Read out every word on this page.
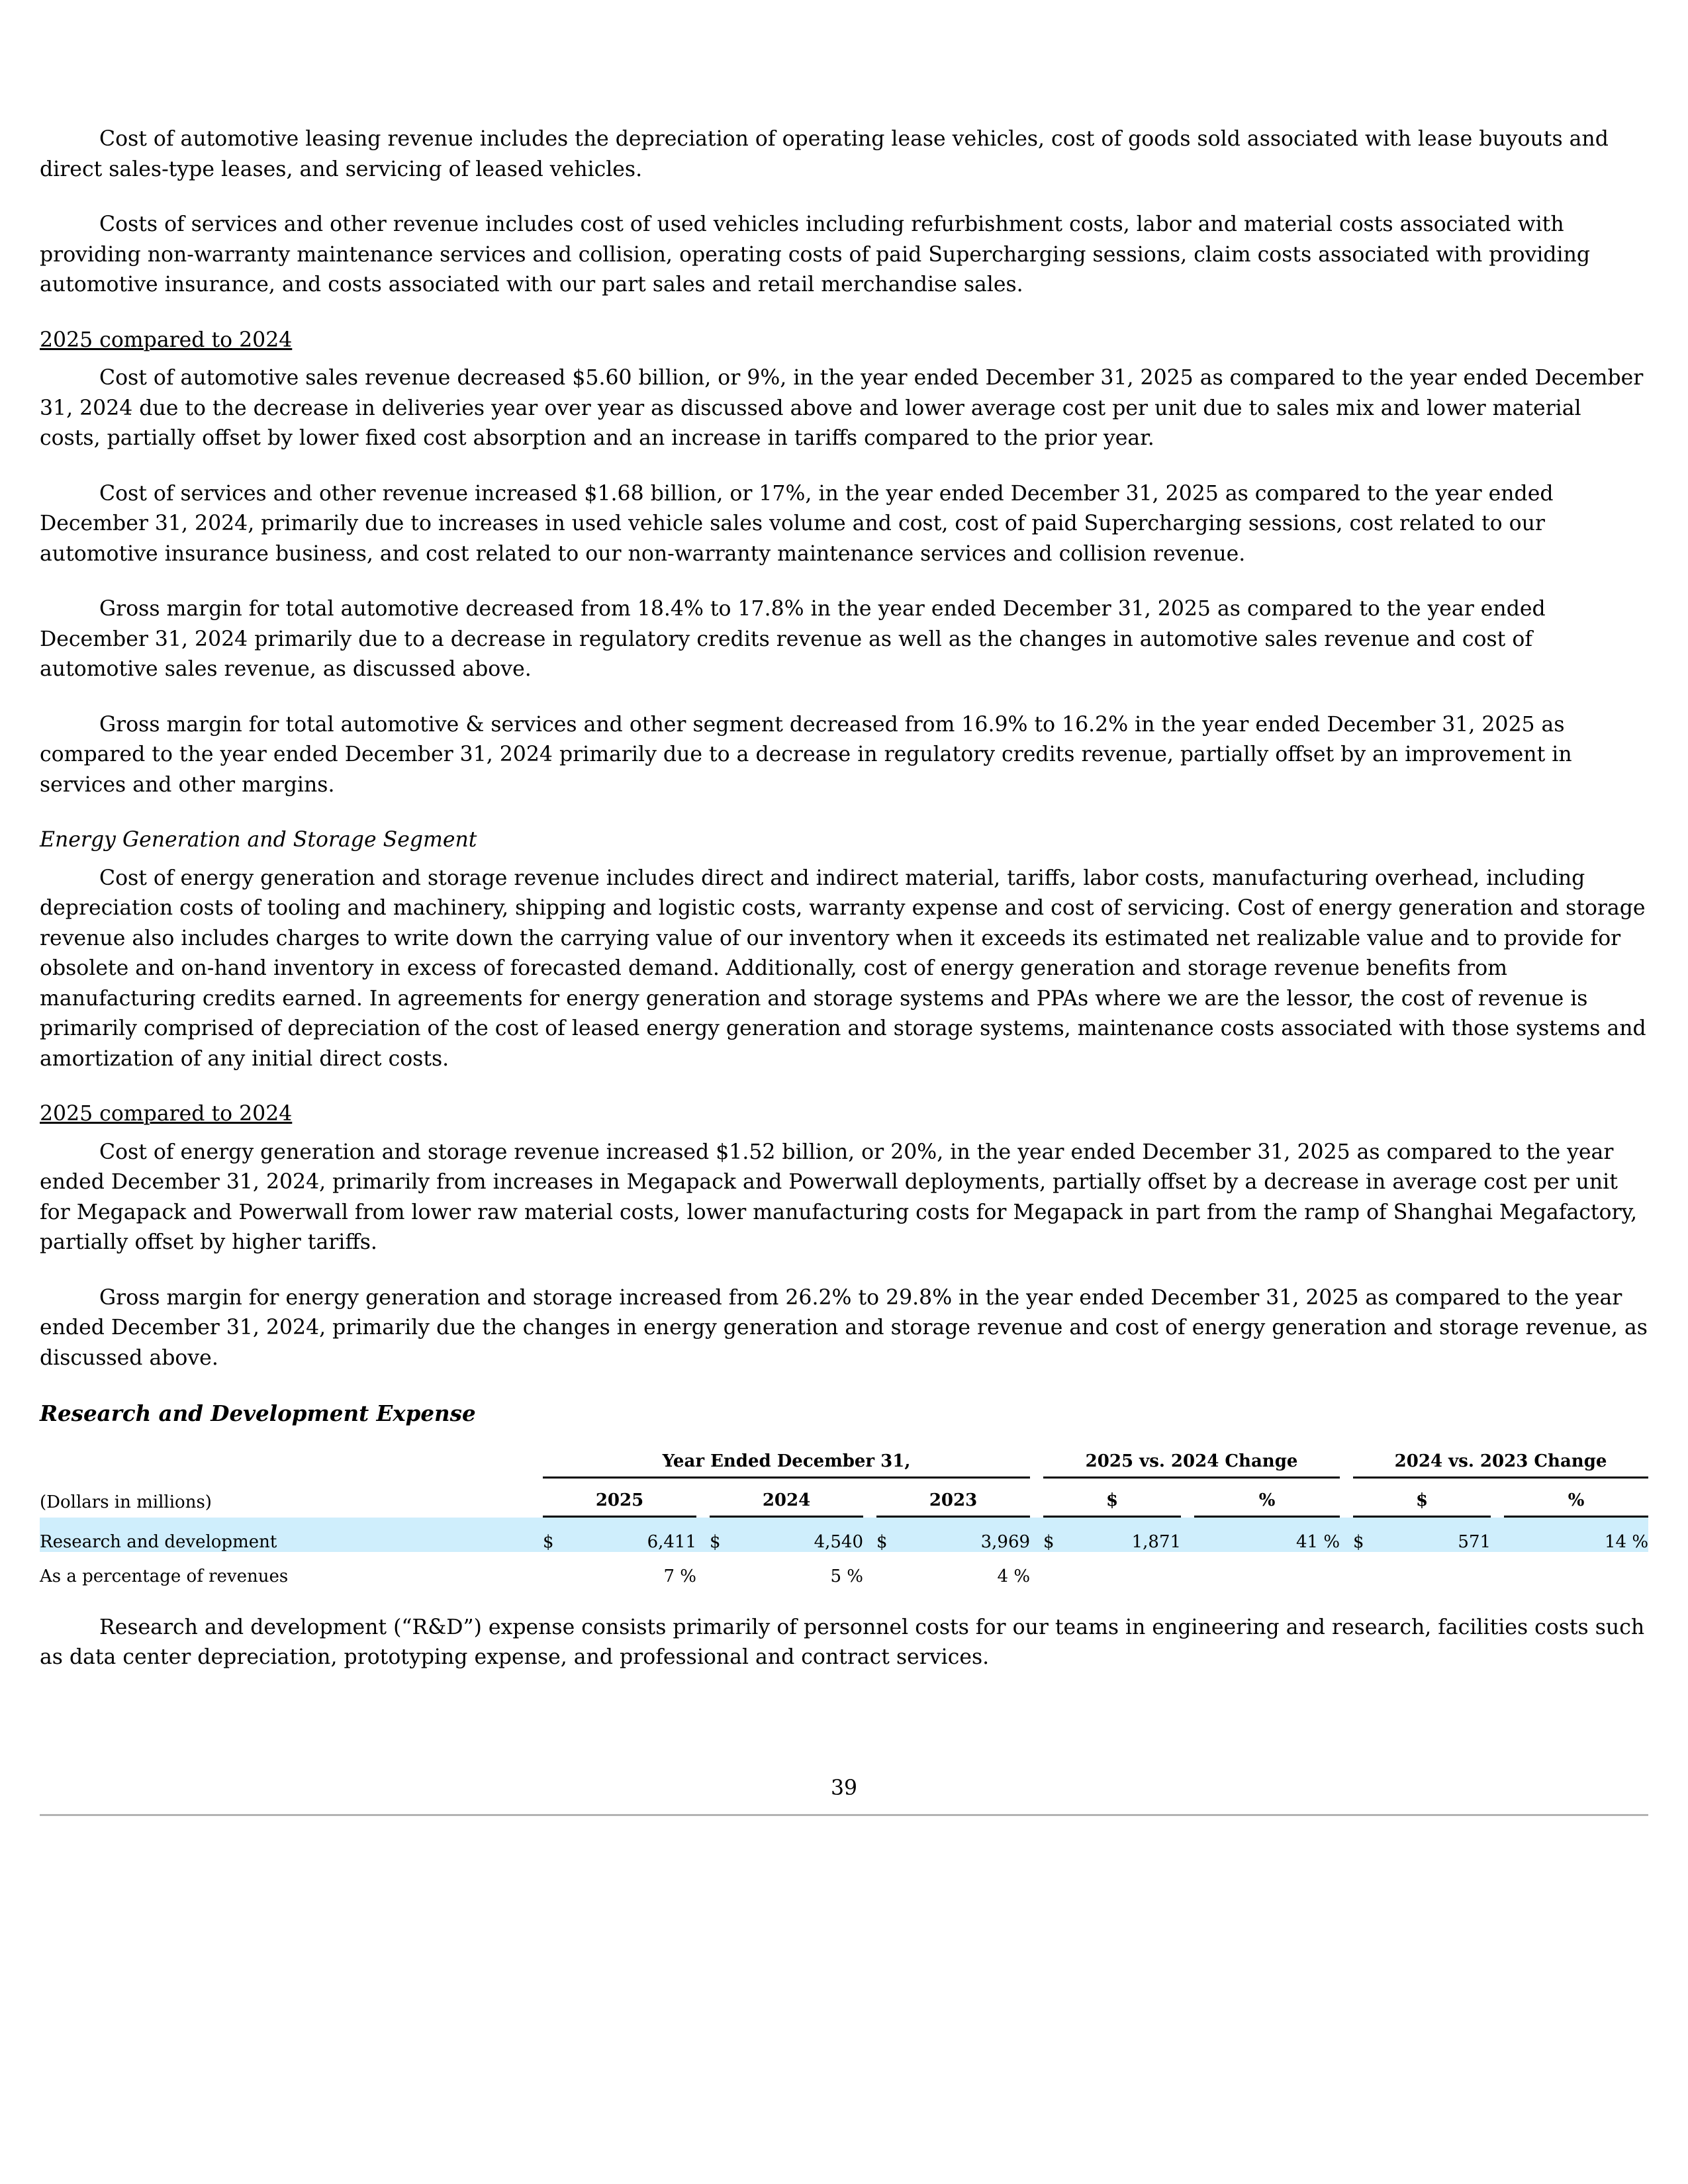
Cost of automotive leasing revenue includes the depreciation of operating lease vehicles, cost of goods sold associated with lease buyouts and direct sales-type leases, and servicing of leased vehicles.

Costs of services and other revenue includes cost of used vehicles including refurbishment costs, labor and material costs associated with providing non-warranty maintenance services and collision, operating costs of paid Supercharging sessions, claim costs associated with providing automotive insurance, and costs associated with our part sales and retail merchandise sales.

2025 compared to 2024

Cost of automotive sales revenue decreased $5.60 billion, or 9%, in the year ended December 31, 2025 as compared to the year ended December 31, 2024 due to the decrease in deliveries year over year as discussed above and lower average cost per unit due to sales mix and lower material costs, partially offset by lower fixed cost absorption and an increase in tariffs compared to the prior year.

Cost of services and other revenue increased $1.68 billion, or 17%, in the year ended December 31, 2025 as compared to the year ended December 31, 2024, primarily due to increases in used vehicle sales volume and cost, cost of paid Supercharging sessions, cost related to our automotive insurance business, and cost related to our non-warranty maintenance services and collision revenue.

Gross margin for total automotive decreased from 18.4% to 17.8% in the year ended December 31, 2025 as compared to the year ended December 31, 2024 primarily due to a decrease in regulatory credits revenue as well as the changes in automotive sales revenue and cost of automotive sales revenue, as discussed above.

Gross margin for total automotive & services and other segment decreased from 16.9% to 16.2% in the year ended December 31, 2025 as compared to the year ended December 31, 2024 primarily due to a decrease in regulatory credits revenue, partially offset by an improvement in services and other margins.

Energy Generation and Storage Segment

Cost of energy generation and storage revenue includes direct and indirect material, tariffs, labor costs, manufacturing overhead, including depreciation costs of tooling and machinery, shipping and logistic costs, warranty expense and cost of servicing. Cost of energy generation and storage revenue also includes charges to write down the carrying value of our inventory when it exceeds its estimated net realizable value and to provide for obsolete and on-hand inventory in excess of forecasted demand. Additionally, cost of energy generation and storage revenue benefits from manufacturing credits earned. In agreements for energy generation and storage systems and PPAs where we are the lessor, the cost of revenue is primarily comprised of depreciation of the cost of leased energy generation and storage systems, maintenance costs associated with those systems and amortization of any initial direct costs.

2025 compared to 2024

Cost of energy generation and storage revenue increased $1.52 billion, or 20%, in the year ended December 31, 2025 as compared to the year ended December 31, 2024, primarily from increases in Megapack and Powerwall deployments, partially offset by a decrease in average cost per unit for Megapack and Powerwall from lower raw material costs, lower manufacturing costs for Megapack in part from the ramp of Shanghai Megafactory, partially offset by higher tariffs.

Gross margin for energy generation and storage increased from 26.2% to 29.8% in the year ended December 31, 2025 as compared to the year ended December 31, 2024, primarily due the changes in energy generation and storage revenue and cost of energy generation and storage revenue, as discussed above.

Research and Development Expense
	Year Ended December 31,									2025 vs. 2024 Change					2024 vs. 2023 Change			
(Dollars in millions)	2025			2024			2023			$			%		$			%
Research and development	$	6,411		$	4,540		$	3,969		$	1,871		41 %		$	571		14 %
As a percentage of revenues		7 %			5 %			4 %										

Research and development (“R&D”) expense consists primarily of personnel costs for our teams in engineering and research, facilities costs such as data center depreciation, prototyping expense, and professional and contract services.

39
